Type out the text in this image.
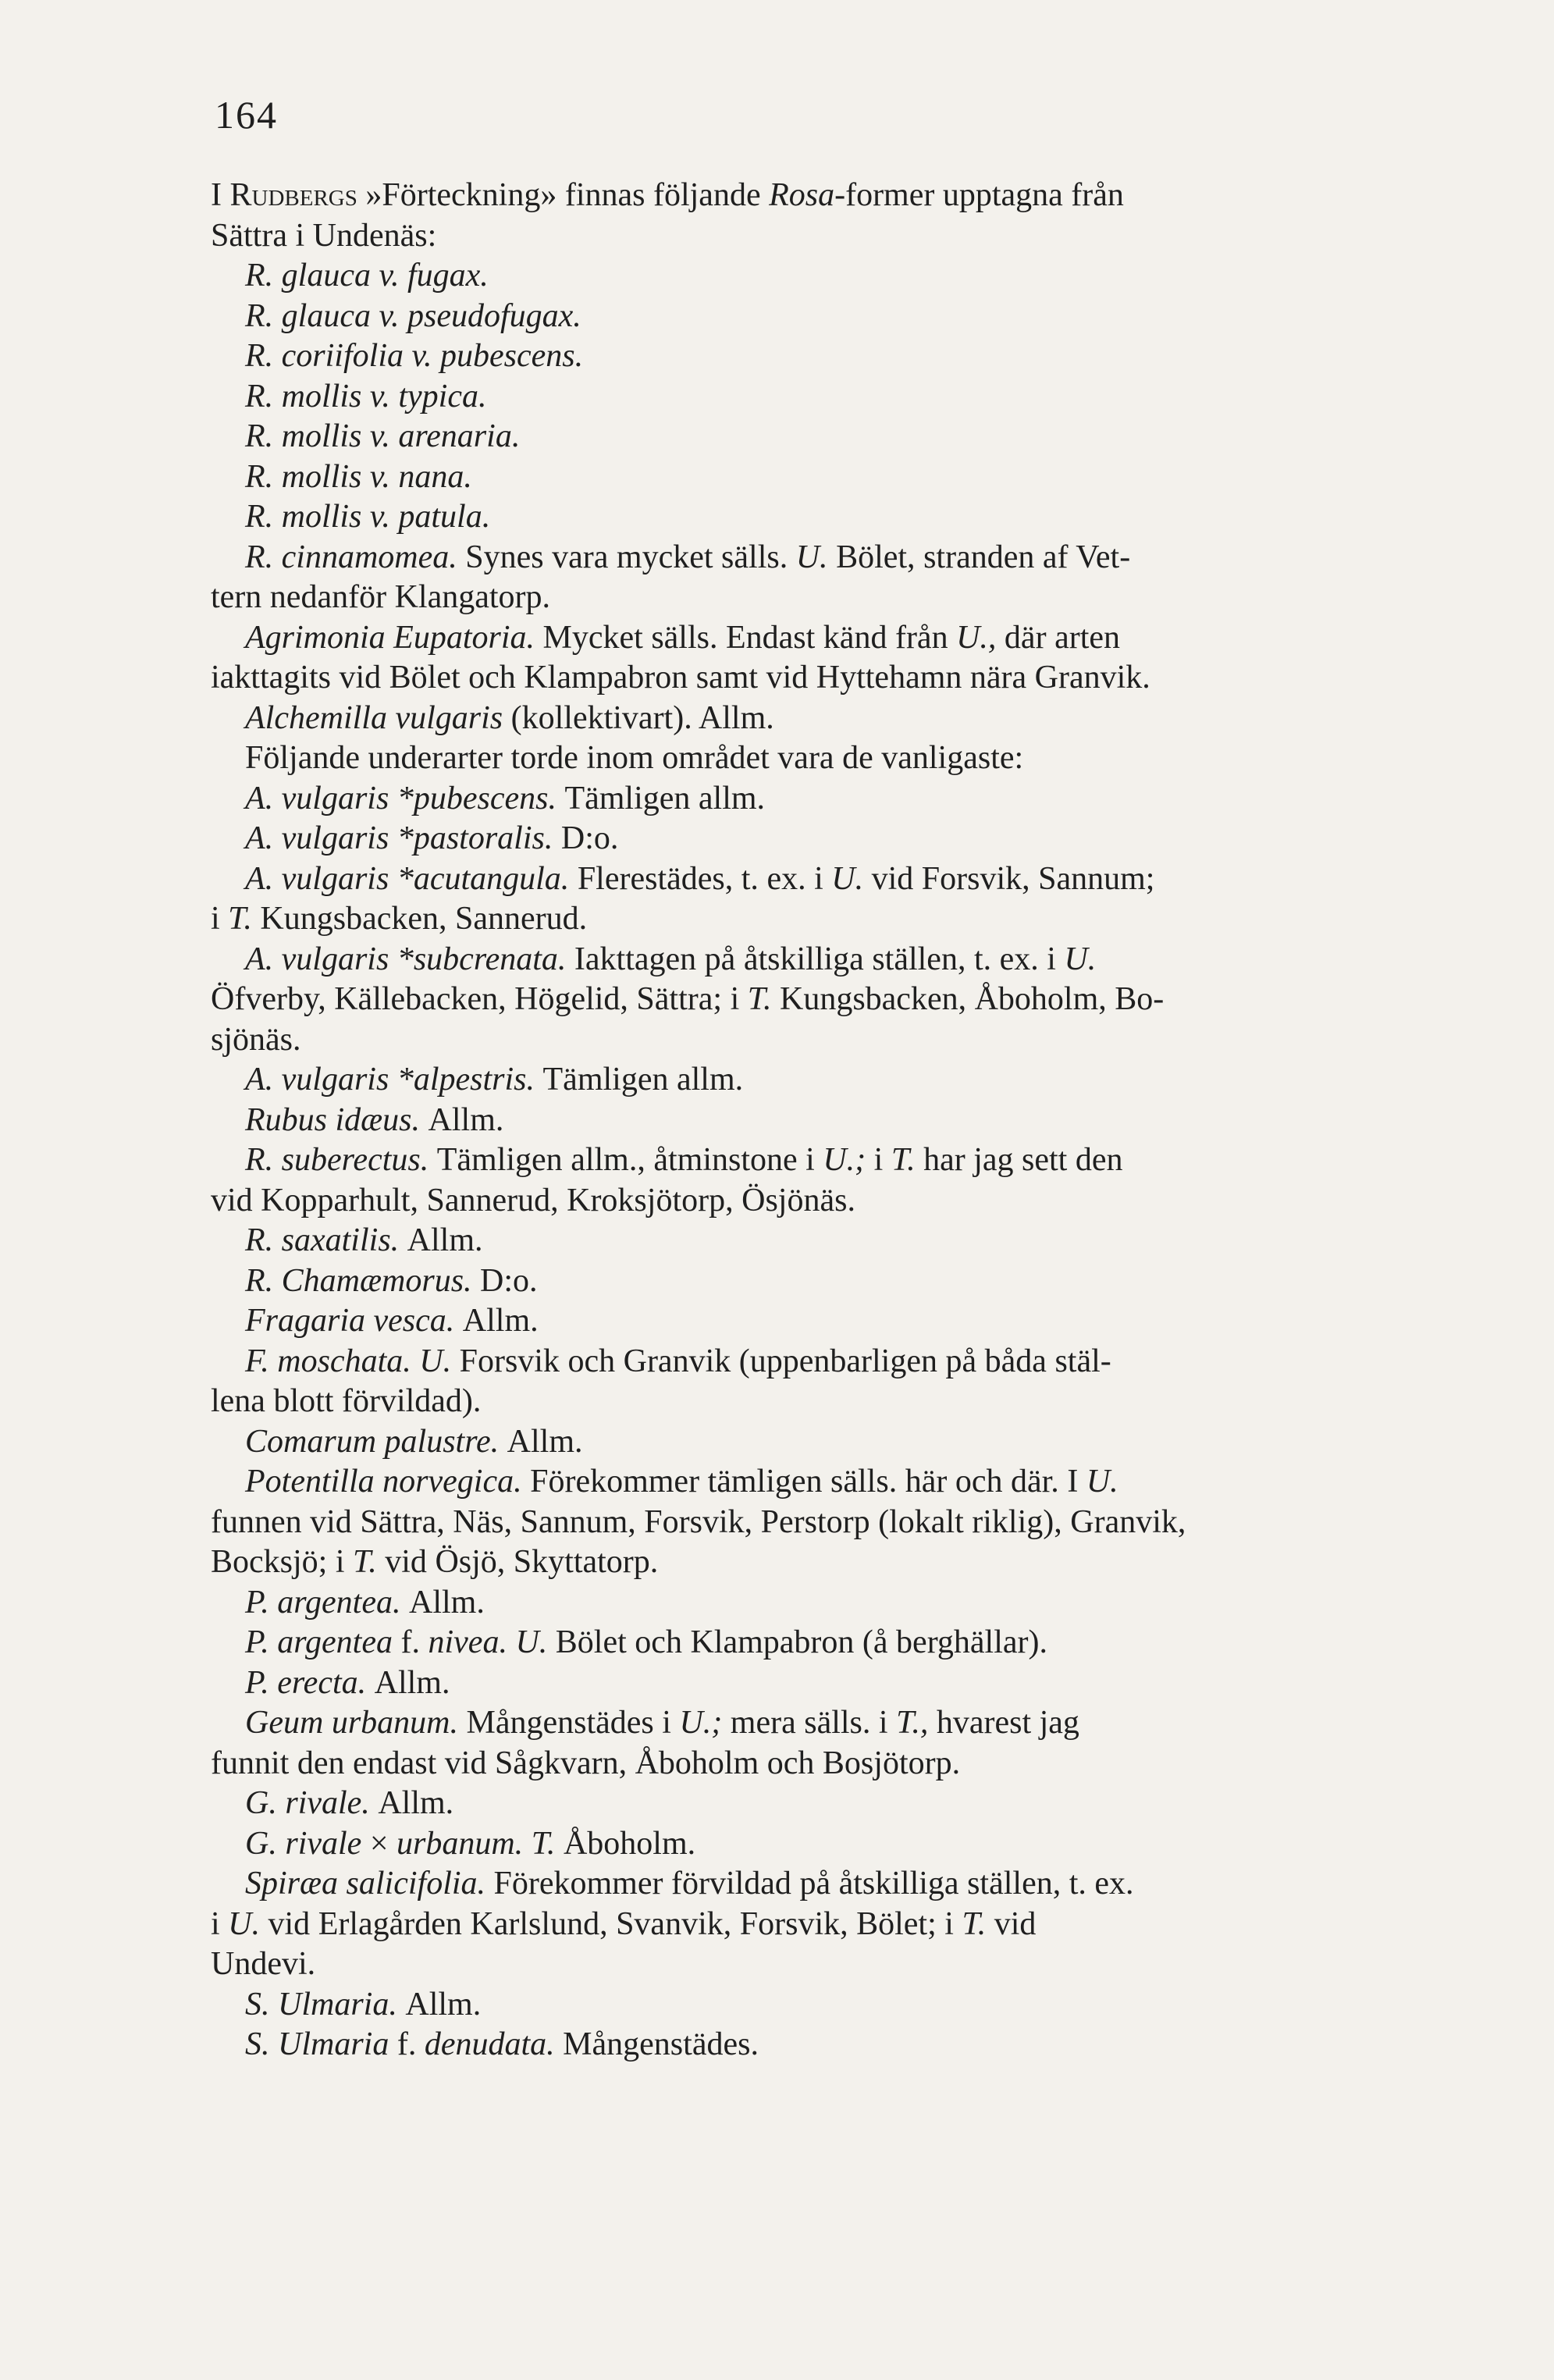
164

I Rudbergs »Förteckning» finnas följande Rosa-former upptagna från
Sättra i Undenäs:
R. glauca v. fugax.
R. glauca v. pseudofugax.
R. coriifolia v. pubescens.
R. mollis v. typica.
R. mollis v. arenaria.
R. mollis v. nana.
R. mollis v. patula.
R. cinnamomea. Synes vara mycket sälls. U. Bölet, stranden af Vet-
tern nedanför Klangatorp.
Agrimonia Eupatoria. Mycket sälls. Endast känd från U., där arten
iakttagits vid Bölet och Klampabron samt vid Hyttehamn nära Granvik.
Alchemilla vulgaris (kollektivart). Allm.
Följande underarter torde inom området vara de vanligaste:
A. vulgaris *pubescens. Tämligen allm.
A. vulgaris *pastoralis. D:o.
A. vulgaris *acutangula. Flerestädes, t. ex. i U. vid Forsvik, Sannum;
i T. Kungsbacken, Sannerud.
A. vulgaris *subcrenata. Iakttagen på åtskilliga ställen, t. ex. i U.
Öfverby, Källebacken, Högelid, Sättra; i T. Kungsbacken, Åboholm, Bo-
sjönäs.
A. vulgaris *alpestris. Tämligen allm.
Rubus idæus. Allm.
R. suberectus. Tämligen allm., åtminstone i U.; i T. har jag sett den
vid Kopparhult, Sannerud, Kroksjötorp, Ösjönäs.
R. saxatilis. Allm.
R. Chamæmorus. D:o.
Fragaria vesca. Allm.
F. moschata. U. Forsvik och Granvik (uppenbarligen på båda stäl-
lena blott förvildad).
Comarum palustre. Allm.
Potentilla norvegica. Förekommer tämligen sälls. här och där. I U.
funnen vid Sättra, Näs, Sannum, Forsvik, Perstorp (lokalt riklig), Granvik,
Bocksjö; i T. vid Ösjö, Skyttatorp.
P. argentea. Allm.
P. argentea f. nivea. U. Bölet och Klampabron (å berghällar).
P. erecta. Allm.
Geum urbanum. Mångenstädes i U.; mera sälls. i T., hvarest jag
funnit den endast vid Sågkvarn, Åboholm och Bosjötorp.
G. rivale. Allm.
G. rivale × urbanum. T. Åboholm.
Spiræa salicifolia. Förekommer förvildad på åtskilliga ställen, t. ex.
i U. vid Erlagården Karlslund, Svanvik, Forsvik, Bölet; i T. vid
Undevi.
S. Ulmaria. Allm.
S. Ulmaria f. denudata. Mångenstädes.
